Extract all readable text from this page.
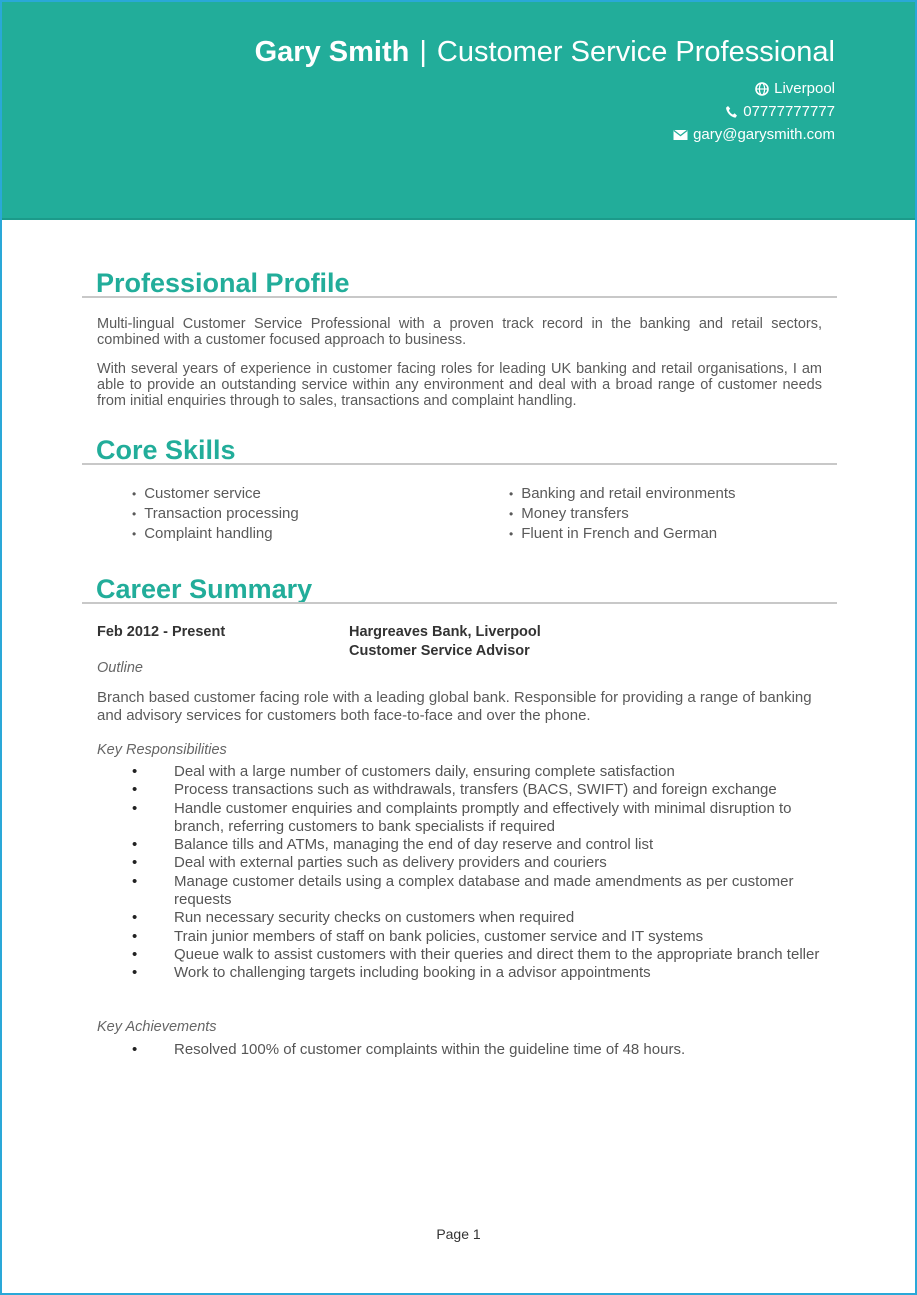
Gary Smith | Customer Service Professional
Liverpool
07777777777
gary@garysmith.com
Professional Profile

Multi-lingual Customer Service Professional with a proven track record in the banking and retail sectors, combined with a customer focused approach to business.

With several years of experience in customer facing roles for leading UK banking and retail organisations, I am able to provide an outstanding service within any environment and deal with a broad range of customer needs from initial enquiries through to sales, transactions and complaint handling.

Core Skills
• Customer service
• Transaction processing
• Complaint handling
• Banking and retail environments
• Money transfers
• Fluent in French and German
Career Summary
Feb 2012 - Present	Hargreaves Bank, Liverpool
Customer Service Advisor
Outline

Branch based customer facing role with a leading global bank. Responsible for providing a range of banking and advisory services for customers both face-to-face and over the phone.

Key Responsibilities
• Deal with a large number of customers daily, ensuring complete satisfaction
• Process transactions such as withdrawals, transfers (BACS, SWIFT) and foreign exchange
• Handle customer enquiries and complaints promptly and effectively with minimal disruption to branch, referring customers to bank specialists if required
• Balance tills and ATMs, managing the end of day reserve and control list
• Deal with external parties such as delivery providers and couriers
• Manage customer details using a complex database and made amendments as per customer requests
• Run necessary security checks on customers when required
• Train junior members of staff on bank policies, customer service and IT systems
• Queue walk to assist customers with their queries and direct them to the appropriate branch teller
• Work to challenging targets including booking in a advisor appointments
Key Achievements
• Resolved 100% of customer complaints within the guideline time of 48 hours.
Page 1
